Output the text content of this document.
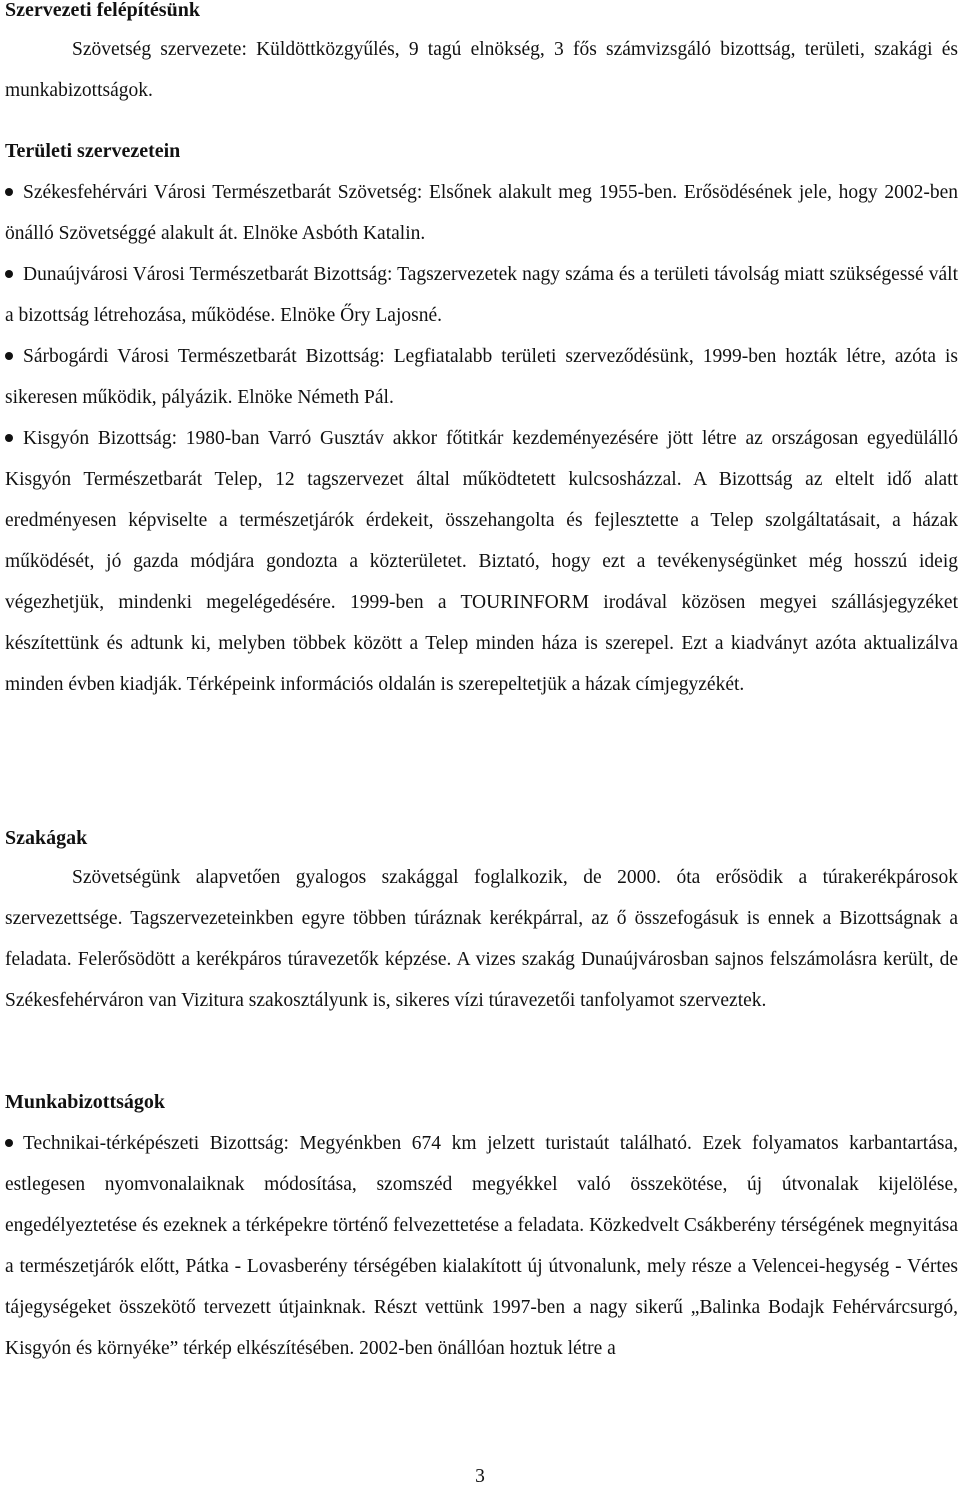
Szervezeti felépítésünk

Szövetség szervezete: Küldöttközgyűlés, 9 tagú elnökség, 3 fős számvizsgáló bizottság, területi, szakági és munkabizottságok.

Területi szervezetein
Székesfehérvári Városi Természetbarát Szövetség: Elsőnek alakult meg 1955-ben. Erősödésének jele, hogy 2002-ben önálló Szövetséggé alakult át. Elnöke Asbóth Katalin.
Dunaújvárosi Városi Természetbarát Bizottság: Tagszervezetek nagy száma és a területi távolság miatt szükségessé vált a bizottság létrehozása, működése. Elnöke Őry Lajosné.
Sárbogárdi Városi Természetbarát Bizottság: Legfiatalabb területi szerveződésünk, 1999-ben hozták létre, azóta is sikeresen működik, pályázik. Elnöke Németh Pál.
Kisgyón Bizottság: 1980-ban Varró Gusztáv akkor főtitkár kezdeményezésére jött létre az országosan egyedülálló Kisgyón Természetbarát Telep, 12 tagszervezet által működtetett kulcsosházzal. A Bizottság az eltelt idő alatt eredményesen képviselte a természetjárók érdekeit, összehangolta és fejlesztette a Telep szolgáltatásait, a házak működését, jó gazda módjára gondozta a közterületet. Biztató, hogy ezt a tevékenységünket még hosszú ideig végezhetjük, mindenki megelégedésére. 1999-ben a TOURINFORM irodával közösen megyei szállásjegyzéket készítettünk és adtunk ki, melyben többek között a Telep minden háza is szerepel. Ezt a kiadványt azóta aktualizálva minden évben kiadják. Térképeink információs oldalán is szerepeltetjük a házak címjegyzékét.
Szakágak

Szövetségünk alapvetően gyalogos szakággal foglalkozik, de 2000. óta erősödik a túrakerékpárosok szervezettsége. Tagszervezeteinkben egyre többen túráznak kerékpárral, az ő összefogásuk is ennek a Bizottságnak a feladata. Felerősödött a kerékpáros túravezetők képzése. A vizes szakág Dunaújvárosban sajnos felszámolásra került, de Székesfehérváron van Vizitura szakosztályunk is, sikeres vízi túravezetői tanfolyamot szerveztek.

Munkabizottságok
Technikai-térképészeti Bizottság: Megyénkben 674 km jelzett turistaút található. Ezek folyamatos karbantartása, estlegesen nyomvonalaiknak módosítása, szomszéd megyékkel való összekötése, új útvonalak kijelölése, engedélyeztetése és ezeknek a térképekre történő felvezettetése a feladata. Közkedvelt Csákberény térségének megnyitása a természetjárók előtt, Pátka - Lovasberény térségében kialakított új útvonalunk, mely része a Velencei-hegység - Vértes tájegységeket összekötő tervezett útjainknak. Részt vettünk 1997-ben a nagy sikerű „Balinka Bodajk Fehérvárcsurgó, Kisgyón és környéke” térkép elkészítésében. 2002-ben önállóan hoztuk létre a
3
